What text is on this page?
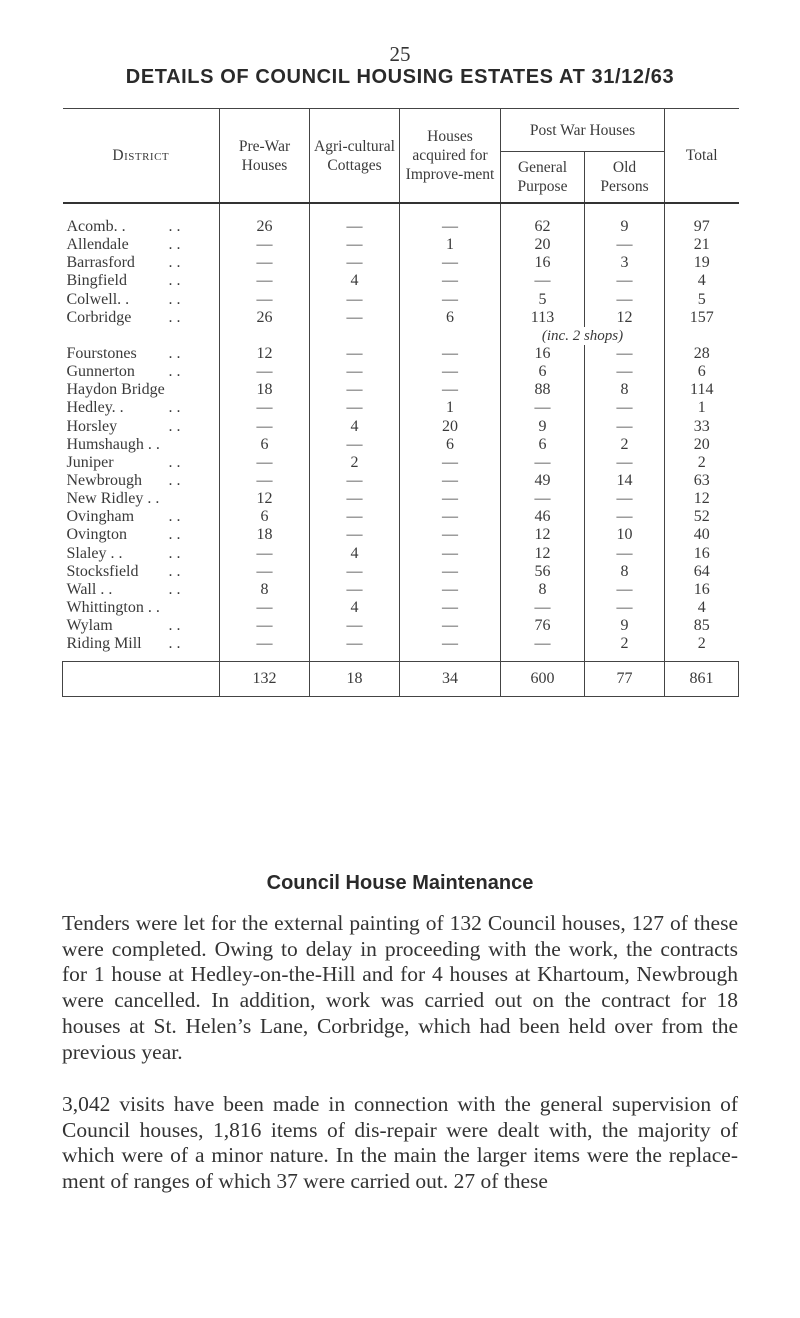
25
DETAILS OF COUNCIL HOUSING ESTATES AT 31/12/63
District	Pre-War Houses	Agri-cultural Cottages	Houses acquired for Improve-ment	Post War Houses		Total
				General Purpose	Old Persons	
Acomb. . . .	26	—	—	62	9	97
Allendale . .	—	—	1	20	—	21
Barrasford . .	—	—	—	16	3	19
Bingfield . .	—	4	—	—	—	4
Colwell. . . .	—	—	—	5	—	5
Corbridge . .	26	—	6	113	12	157
				(inc. 2 shops)		
Fourstones . .	12	—	—	16	—	28
Gunnerton . .	—	—	—	6	—	6
Haydon Bridge	18	—	—	88	8	114
Hedley. . . .	—	—	1	—	—	1
Horsley . .	—	4	20	9	—	33
Humshaugh . .	6	—	6	6	2	20
Juniper . .	—	2	—	—	—	2
Newbrough . .	—	—	—	49	14	63
New Ridley . .	12	—	—	—	—	12
Ovingham . .	6	—	—	46	—	52
Ovington . .	18	—	—	12	10	40
Slaley . . . .	—	4	—	12	—	16
Stocksfield . .	—	—	—	56	8	64
Wall . . . .	8	—	—	8	—	16
Whittington . .	—	4	—	—	—	4
Wylam . .	—	—	—	76	9	85
Riding Mill . .	—	—	—	—	2	2

	132	18	34	600	77	861
Council House Maintenance

Tenders were let for the external painting of 132 Council houses, 127 of these were completed. Owing to delay in proceeding with the work, the contracts for 1 house at Hedley-on-the-Hill and for 4 houses at Khartoum, Newbrough were cancelled. In addition, work was carried out on the contract for 18 houses at St. Helen’s Lane, Corbridge, which had been held over from the previous year.

3,042 visits have been made in connection with the general supervision of Council houses, 1,816 items of dis-repair were dealt with, the majority of which were of a minor nature. In the main the larger items were the replace-ment of ranges of which 37 were carried out. 27 of these
